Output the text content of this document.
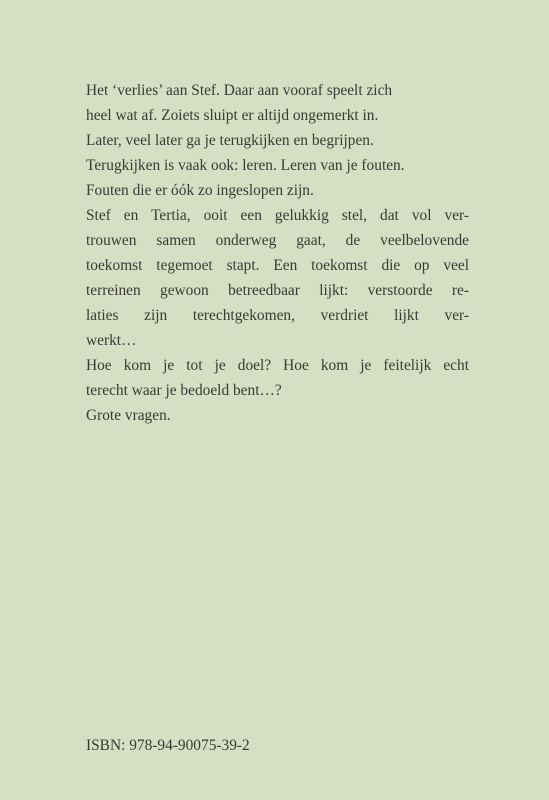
Het ‘verlies’ aan Stef. Daar aan vooraf speelt zich
heel wat af. Zoiets sluipt er altijd ongemerkt in.
Later, veel later ga je terugkijken en begrijpen.
Terugkijken is vaak ook: leren. Leren van je fouten.
Fouten die er óók zo ingeslopen zijn.
Stef en Tertia, ooit een gelukkig stel, dat vol ver-
trouwen samen onderweg gaat, de veelbelovende
toekomst tegemoet stapt. Een toekomst die op veel
terreinen gewoon betreedbaar lijkt: verstoorde re-
laties zijn terechtgekomen, verdriet lijkt ver-
werkt…
Hoe kom je tot je doel? Hoe kom je feitelijk echt
terecht waar je bedoeld bent…?
Grote vragen.
ISBN: 978-94-90075-39-2
